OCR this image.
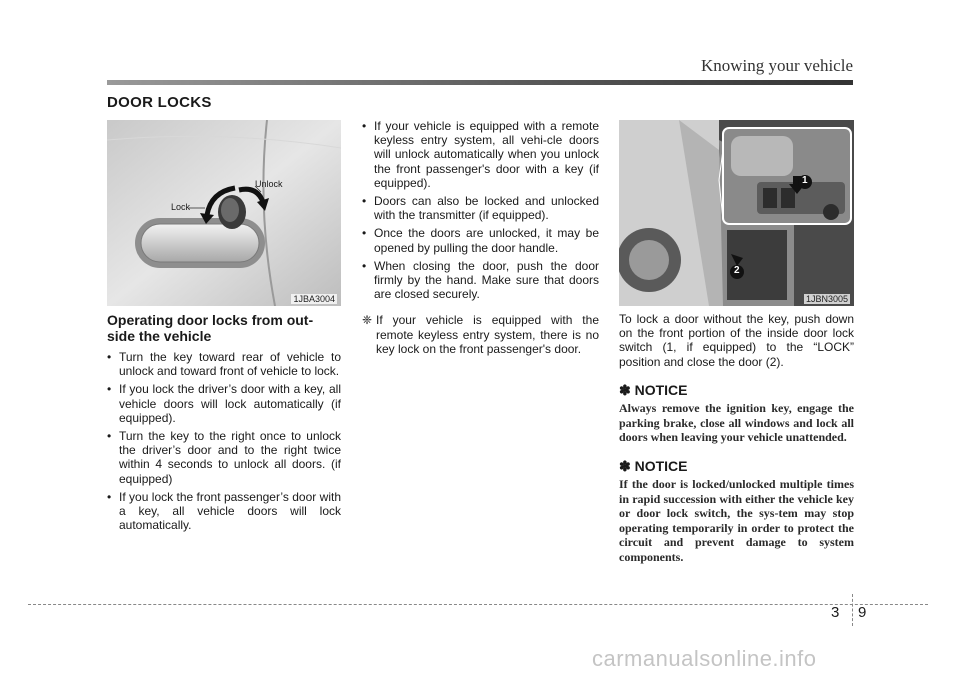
Knowing your vehicle
DOOR LOCKS
Lock
Unlock
1JBA3004
1
2
1JBN3005
Operating door locks from out-side the vehicle
• Turn the key toward rear of vehicle to unlock and toward front of vehicle to lock.
• If you lock the driver’s door with a key, all vehicle doors will lock automatically (if equipped).
• Turn the key to the right once to unlock the driver’s door and to the right twice within 4 seconds to unlock all doors. (if equipped)
• If you lock the front passenger’s door with a key, all vehicle doors will lock automatically.
• If your vehicle is equipped with a remote keyless entry system, all vehi-cle doors will unlock automatically when you unlock the front passenger's door with a key (if equipped).
• Doors can also be locked and unlocked with the transmitter (if equipped).
• Once the doors are unlocked, it may be opened by pulling the door handle.
• When closing the door, push the door firmly by the hand. Make sure that doors are closed securely.
❈ If your vehicle is equipped with the remote keyless entry system, there is no key lock on the front passenger's door.
To lock a door without the key, push down on the front portion of the inside door lock switch (1, if equipped) to the “LOCK” position and close the door (2).
✽ NOTICE
Always remove the ignition key, engage the parking brake, close all windows and lock all doors when leaving your vehicle unattended.
✽ NOTICE
If the door is locked/unlocked multiple times in rapid succession with either the vehicle key or door lock switch, the sys-tem may stop operating temporarily in order to protect the circuit and prevent damage to system components.
3 9
carmanualsonline.info
